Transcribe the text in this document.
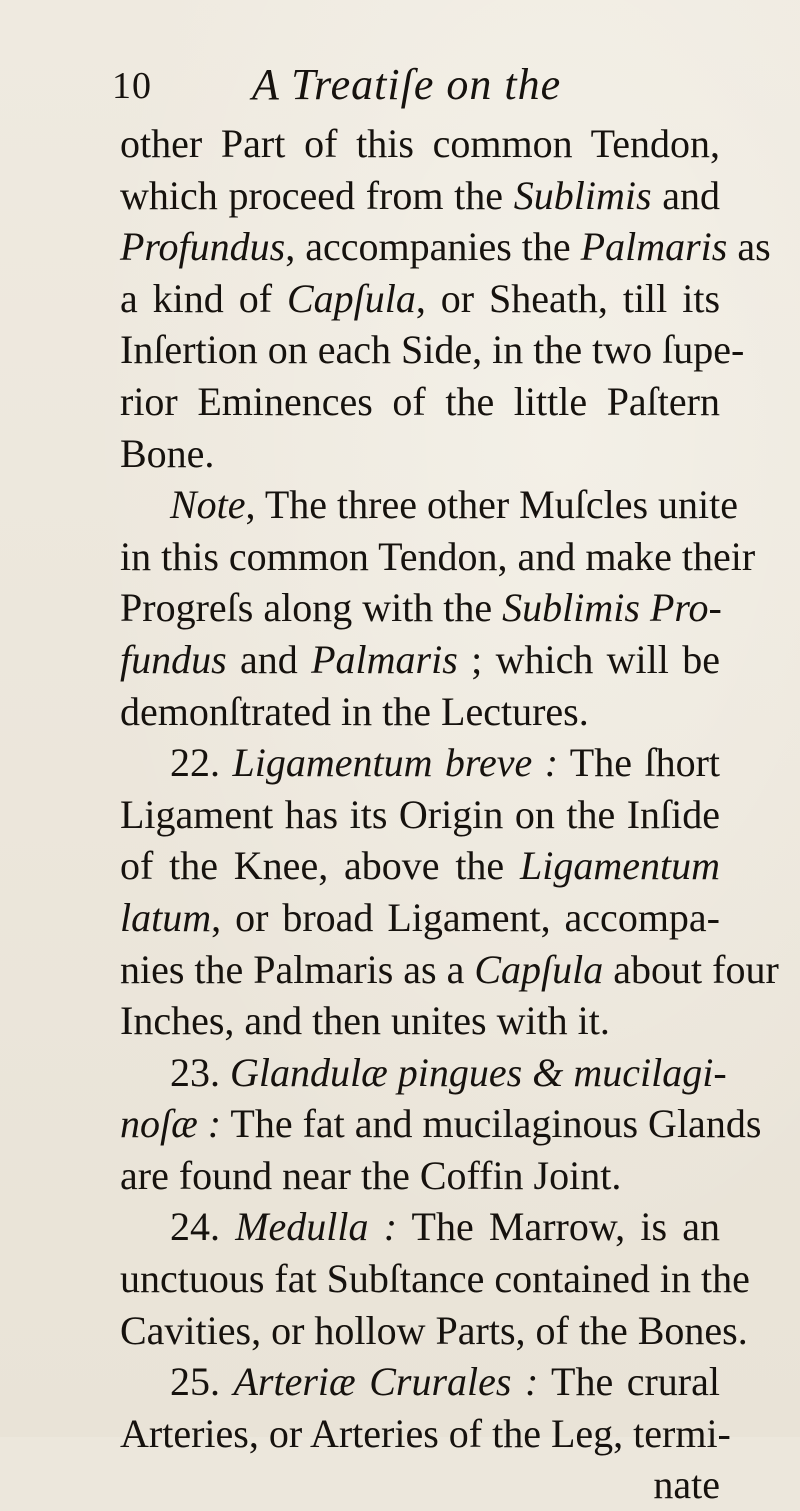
10 A Treatiſe on the
other Part of this common Tendon,
which proceed from the Sublimis and
Profundus, accompanies the Palmaris as
a kind of Capſula, or Sheath, till its
Inſertion on each Side, in the two ſupe-
rior Eminences of the little Paſtern
Bone.
Note, The three other Muſcles unite
in this common Tendon, and make their
Progreſs along with the Sublimis Pro-
fundus and Palmaris ; which will be
demonſtrated in the Lectures.
22. Ligamentum breve : The ſhort
Ligament has its Origin on the Inſide
of the Knee, above the Ligamentum
latum, or broad Ligament, accompa-
nies the Palmaris as a Capſula about four
Inches, and then unites with it.
23. Glandulæ pingues & mucilagi-
noſæ : The fat and mucilaginous Glands
are found near the Coffin Joint.
24. Medulla : The Marrow, is an
unctuous fat Subſtance contained in the
Cavities, or hollow Parts, of the Bones.
25. Arteriæ Crurales : The crural
Arteries, or Arteries of the Leg, termi-
nate
